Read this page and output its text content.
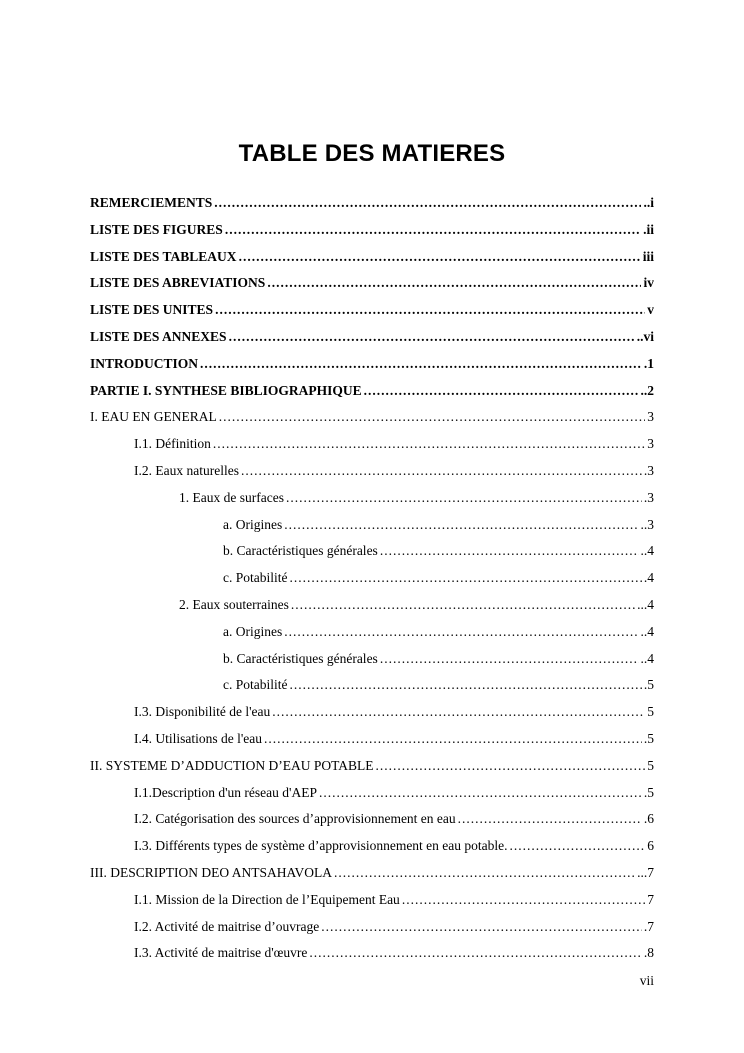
TABLE DES MATIERES
REMERCIEMENTS .....	..i
LISTE DES FIGURES .....	.ii
LISTE DES TABLEAUX .....	iii
LISTE DES ABREVIATIONS .....	iv
LISTE DES UNITES .....	v
LISTE DES ANNEXES .....	..vi
INTRODUCTION .....	.1
PARTIE I. SYNTHESE BIBLIOGRAPHIQUE .....	..2
I. EAU EN GENERAL .....	3
I.1. Définition .....	3
I.2. Eaux naturelles .....	.3
1. Eaux de surfaces .....	.3
a. Origines .....	..3
b. Caractéristiques générales .....	..4
c. Potabilité .....	.4
2. Eaux souterraines .....	...4
a. Origines .....	..4
b. Caractéristiques générales .....	..4
c. Potabilité .....	.5
I.3. Disponibilité de l'eau .....	5
I.4. Utilisations de l'eau .....	.5
II. SYSTEME D’ADDUCTION D’EAU POTABLE .....	5
I.1.Description d'un réseau d'AEP .....	.5
I.2. Catégorisation des sources d’approvisionnement en eau .....	.6
I.3. Différents types de système d’approvisionnement en eau potable. .....	6
III. DESCRIPTION DEO ANTSAHAVOLA .....	...7
I.1. Mission de la Direction de l’Equipement Eau .....	7
I.2. Activité de maitrise d’ouvrage .....	.7
I.3. Activité de maitrise d'œuvre .....	.8
vii
